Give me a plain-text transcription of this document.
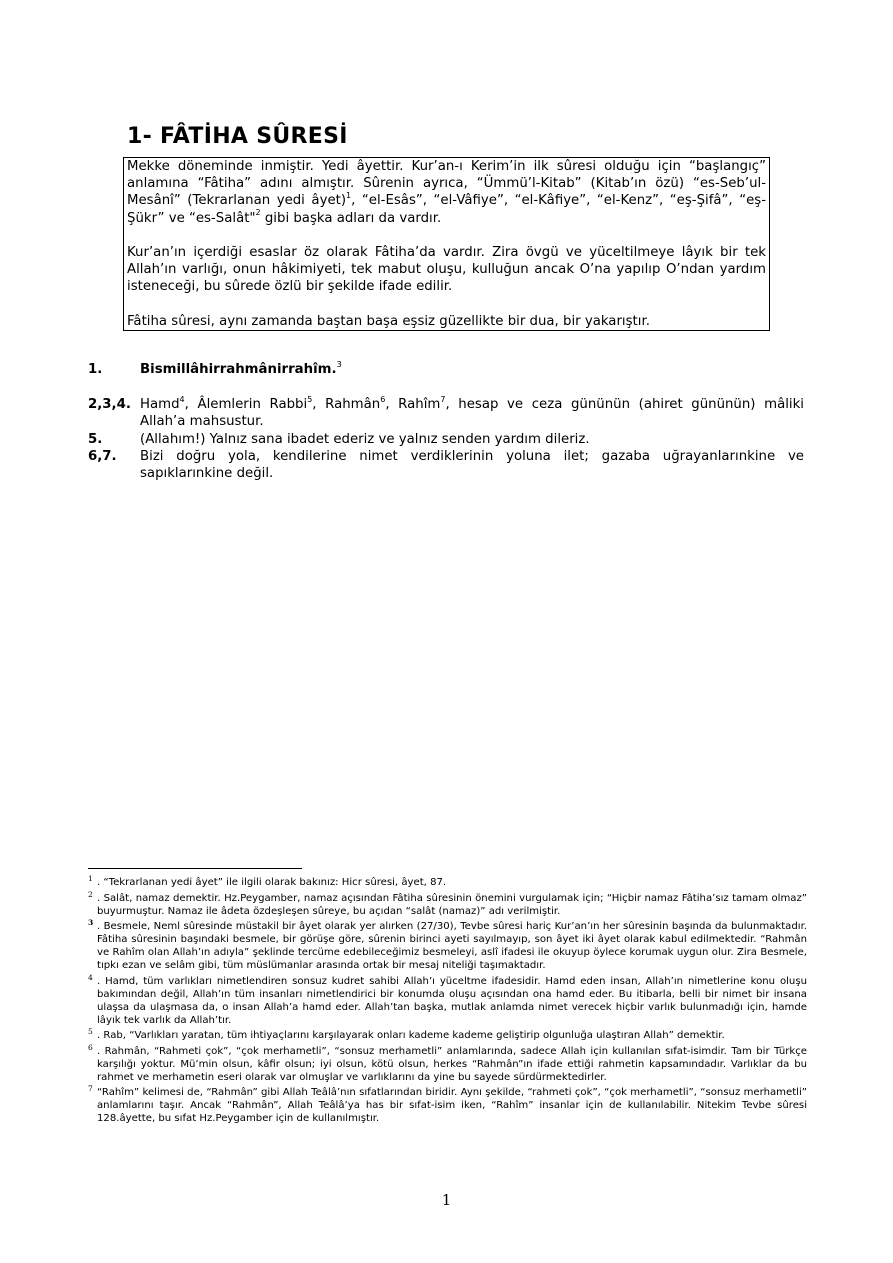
1- FÂTİHA SÛRESİ

Mekke döneminde inmiştir. Yedi âyettir. Kur’an-ı Kerim’in ilk sûresi olduğu için “başlangıç” anlamına “Fâtiha” adını almıştır. Sûrenin ayrıca, “Ümmü’l-Kitab” (Kitab’ın özü) “es-Seb’ul-Mesânî” (Tekrarlanan yedi âyet)$^1$, “el-Esâs”, “el-Vâfiye”, “el-Kâfiye”, “el-Kenz”, “eş-Şifâ”, “eş-Şükr” ve “es-Salât"$^2$ gibi başka adları da vardır.

Kur’an’ın içerdiği esaslar öz olarak Fâtiha’da vardır. Zira övgü ve yüceltilmeye lâyık bir tek Allah’ın varlığı, onun hâkimiyeti, tek mabut oluşu, kulluğun ancak O’na yapılıp O’ndan yardım isteneceği, bu sûrede özlü bir şekilde ifade edilir.

Fâtiha sûresi, aynı zamanda baştan başa eşsiz güzellikte bir dua, bir yakarıştır.

1.	Bismillâhirrahmânirrahîm.$^3$
2,3,4. Hamd$^4$, Âlemlerin Rabbi$^5$, Rahmân$^6$, Rahîm$^7$, hesap ve ceza gününün (ahiret gününün) mâliki Allah’a mahsustur.
5.	(Allahım!) Yalnız sana ibadet ederiz ve yalnız senden yardım dileriz.
6,7. Bizi doğru yola, kendilerine nimet verdiklerinin yoluna ilet; gazaba uğrayanlarınkine ve sapıklarınkine değil.
1 . “Tekrarlanan yedi âyet” ile ilgili olarak bakınız: Hicr sûresi, âyet, 87.
2 . Salât, namaz demektir. Hz.Peygamber, namaz açısından Fâtiha sûresinin önemini vurgulamak için; “Hiçbir namaz Fâtiha’sız tamam olmaz” buyurmuştur. Namaz ile âdeta özdeşleşen sûreye, bu açıdan “salât (namaz)” adı verilmiştir.
3 . Besmele, Neml sûresinde müstakil bir âyet olarak yer alırken (27/30), Tevbe sûresi hariç Kur’an’ın her sûresinin başında da bulunmaktadır. Fâtiha sûresinin başındaki besmele, bir görüşe göre, sûrenin birinci ayeti sayılmayıp, son âyet iki âyet olarak kabul edilmektedir. “Rahmân ve Rahîm olan Allah’ın adıyla” şeklinde tercüme edebileceğimiz besmeleyi, aslî ifadesi ile okuyup öylece korumak uygun olur. Zira Besmele, tıpkı ezan ve selâm gibi, tüm müslümanlar arasında ortak bir mesaj niteliği taşımaktadır.
4 . Hamd, tüm varlıkları nimetlendiren sonsuz kudret sahibi Allah’ı yüceltme ifadesidir. Hamd eden insan, Allah’ın nimetlerine konu oluşu bakımından değil, Allah’ın tüm insanları nimetlendirici bir konumda oluşu açısından ona hamd eder. Bu itibarla, belli bir nimet bir insana ulaşsa da ulaşmasa da, o insan Allah’a hamd eder. Allah’tan başka, mutlak anlamda nimet verecek hiçbir varlık bulunmadığı için, hamde lâyık tek varlık da Allah’tır.
5 . Rab, “Varlıkları yaratan, tüm ihtiyaçlarını karşılayarak onları kademe kademe geliştirip olgunluğa ulaştıran Allah” demektir.
6 . Rahmân, “Rahmeti çok”, “çok merhametli”, “sonsuz merhametli” anlamlarında, sadece Allah için kullanılan sıfat-isimdir. Tam bir Türkçe karşılığı yoktur. Mü’min olsun, kâfir olsun; iyi olsun, kötü olsun, herkes “Rahmân”ın ifade ettiği rahmetin kapsamındadır. Varlıklar da bu rahmet ve merhametin eseri olarak var olmuşlar ve varlıklarını da yine bu sayede sürdürmektedirler.
7 “Rahîm” kelimesi de, “Rahmân” gibi Allah Teâlâ’nın sıfatlarından biridir. Aynı şekilde, “rahmeti çok”, “çok merhametli”, “sonsuz merhametli” anlamlarını taşır. Ancak “Rahmân”, Allah Teâlâ’ya has bir sıfat-isim iken, “Rahîm” insanlar için de kullanılabilir. Nitekim Tevbe sûresi 128.âyette, bu sıfat Hz.Peygamber için de kullanılmıştır.
1
